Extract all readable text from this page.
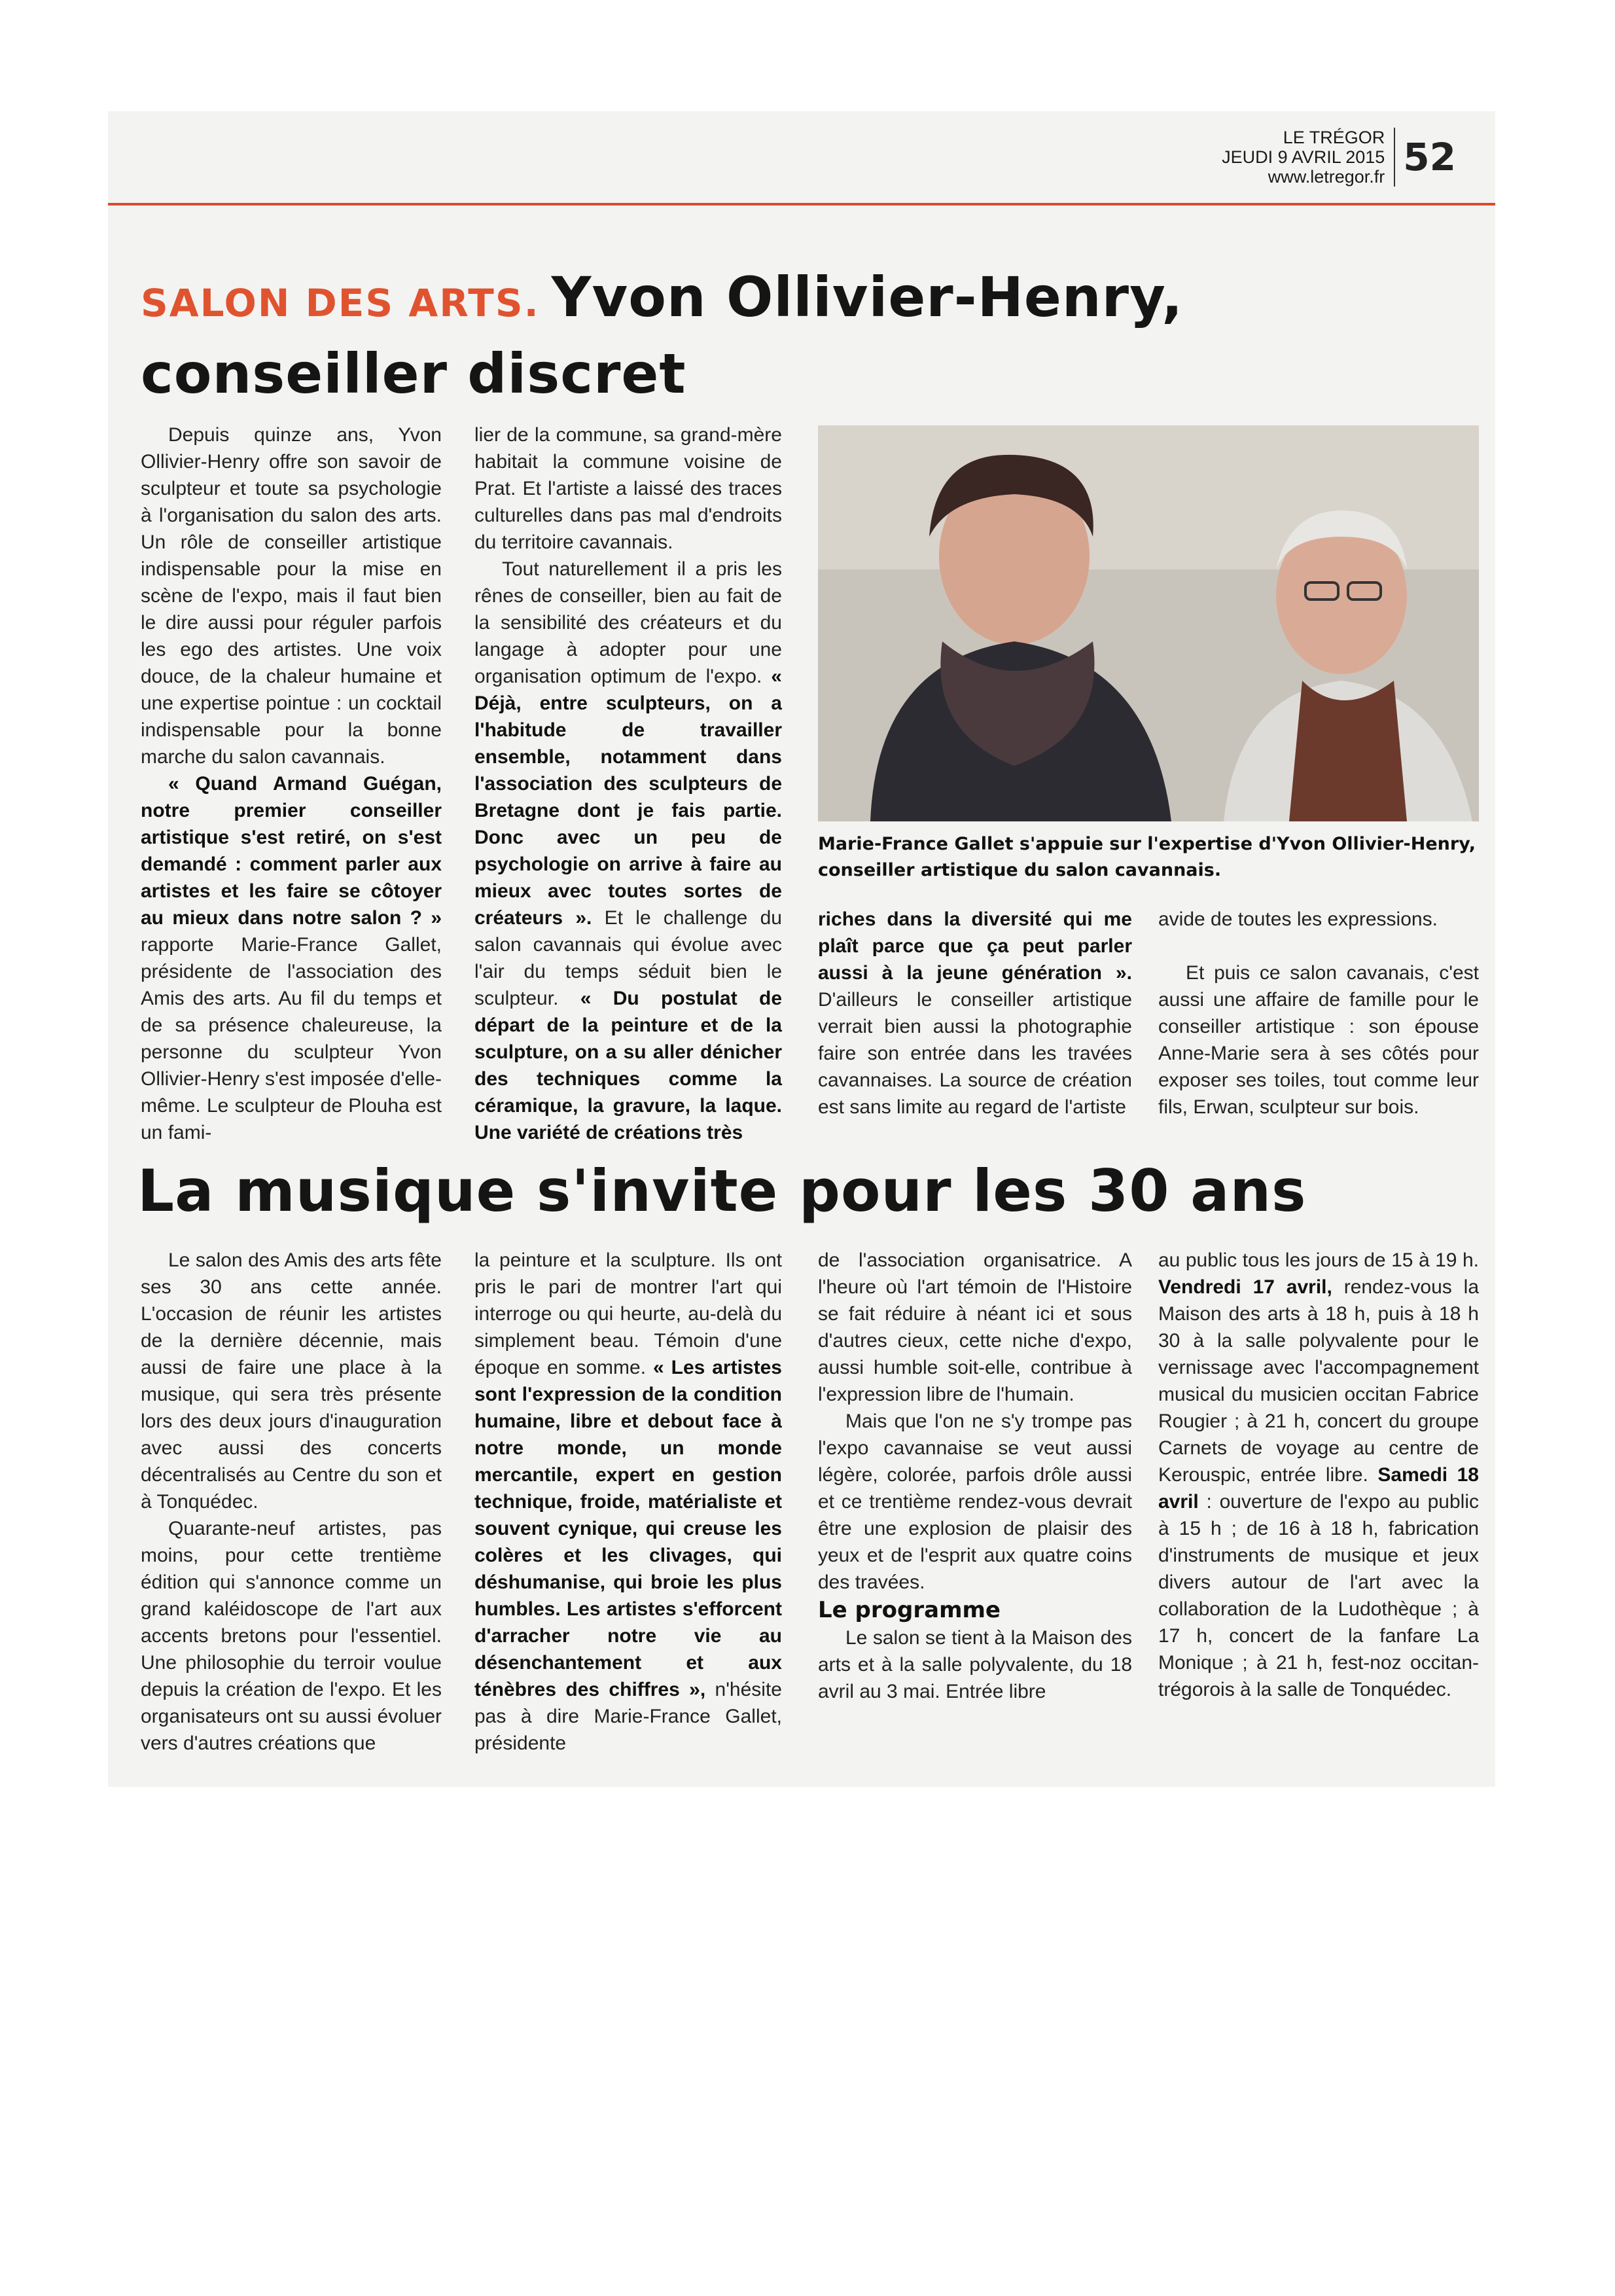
LE TRÉGOR
JEUDI 9 AVRIL 2015
www.letregor.fr 52
SALON DES ARTS. Yvon Ollivier-Henry, conseiller discret

Depuis quinze ans, Yvon Ollivier-Henry offre son savoir de sculpteur et toute sa psychologie à l'organisation du salon des arts. Un rôle de conseiller artistique indispensable pour la mise en scène de l'expo, mais il faut bien le dire aussi pour réguler parfois les ego des artistes. Une voix douce, de la chaleur humaine et une expertise pointue : un cocktail indispensable pour la bonne marche du salon cavannais.

« Quand Armand Guégan, notre premier conseiller artistique s'est retiré, on s'est demandé : comment parler aux artistes et les faire se côtoyer au mieux dans notre salon ? » rapporte Marie-France Gallet, présidente de l'association des Amis des arts. Au fil du temps et de sa présence chaleureuse, la personne du sculpteur Yvon Ollivier-Henry s'est imposée d'elle-même. Le sculpteur de Plouha est un fami-

lier de la commune, sa grand-mère habitait la commune voisine de Prat. Et l'artiste a laissé des traces culturelles dans pas mal d'endroits du territoire cavannais.

Tout naturellement il a pris les rênes de conseiller, bien au fait de la sensibilité des créateurs et du langage à adopter pour une organisation optimum de l'expo. « Déjà, entre sculpteurs, on a l'habitude de travailler ensemble, notamment dans l'association des sculpteurs de Bretagne dont je fais partie. Donc avec un peu de psychologie on arrive à faire au mieux avec toutes sortes de créateurs ». Et le challenge du salon cavannais qui évolue avec l'air du temps séduit bien le sculpteur. « Du postulat de départ de la peinture et de la sculpture, on a su aller dénicher des techniques comme la céramique, la gravure, la laque. Une variété de créations très

Marie-France Gallet s'appuie sur l'expertise d'Yvon Ollivier-Henry, conseiller artistique du salon cavannais.

riches dans la diversité qui me plaît parce que ça peut parler aussi à la jeune génération ». D'ailleurs le conseiller artistique verrait bien aussi la photographie faire son entrée dans les travées cavannaises. La source de création est sans limite au regard de l'artiste

avide de toutes les expressions.

Et puis ce salon cavanais, c'est aussi une affaire de famille pour le conseiller artistique : son épouse Anne-Marie sera à ses côtés pour exposer ses toiles, tout comme leur fils, Erwan, sculpteur sur bois.

La musique s'invite pour les 30 ans

Le salon des Amis des arts fête ses 30 ans cette année. L'occasion de réunir les artistes de la dernière décennie, mais aussi de faire une place à la musique, qui sera très présente lors des deux jours d'inauguration avec aussi des concerts décentralisés au Centre du son et à Tonquédec.

Quarante-neuf artistes, pas moins, pour cette trentième édition qui s'annonce comme un grand kaléidoscope de l'art aux accents bretons pour l'essentiel. Une philosophie du terroir voulue depuis la création de l'expo. Et les organisateurs ont su aussi évoluer vers d'autres créations que

la peinture et la sculpture. Ils ont pris le pari de montrer l'art qui interroge ou qui heurte, au-delà du simplement beau. Témoin d'une époque en somme. « Les artistes sont l'expression de la condition humaine, libre et debout face à notre monde, un monde mercantile, expert en gestion technique, froide, matérialiste et souvent cynique, qui creuse les colères et les clivages, qui déshumanise, qui broie les plus humbles. Les artistes s'efforcent d'arracher notre vie au désenchantement et aux ténèbres des chiffres », n'hésite pas à dire Marie-France Gallet, présidente

de l'association organisatrice. A l'heure où l'art témoin de l'Histoire se fait réduire à néant ici et sous d'autres cieux, cette niche d'expo, aussi humble soit-elle, contribue à l'expression libre de l'humain.

Mais que l'on ne s'y trompe pas l'expo cavannaise se veut aussi légère, colorée, parfois drôle aussi et ce trentième rendez-vous devrait être une explosion de plaisir des yeux et de l'esprit aux quatre coins des travées.

Le programme

Le salon se tient à la Maison des arts et à la salle polyvalente, du 18 avril au 3 mai. Entrée libre

au public tous les jours de 15 à 19 h. Vendredi 17 avril, rendez-vous la Maison des arts à 18 h, puis à 18 h 30 à la salle polyvalente pour le vernissage avec l'accompagnement musical du musicien occitan Fabrice Rougier ; à 21 h, concert du groupe Carnets de voyage au centre de Kerouspic, entrée libre. Samedi 18 avril : ouverture de l'expo au public à 15 h ; de 16 à 18 h, fabrication d'instruments de musique et jeux divers autour de l'art avec la collaboration de la Ludothèque ; à 17 h, concert de la fanfare La Monique ; à 21 h, fest-noz occitan-trégorois à la salle de Tonquédec.
